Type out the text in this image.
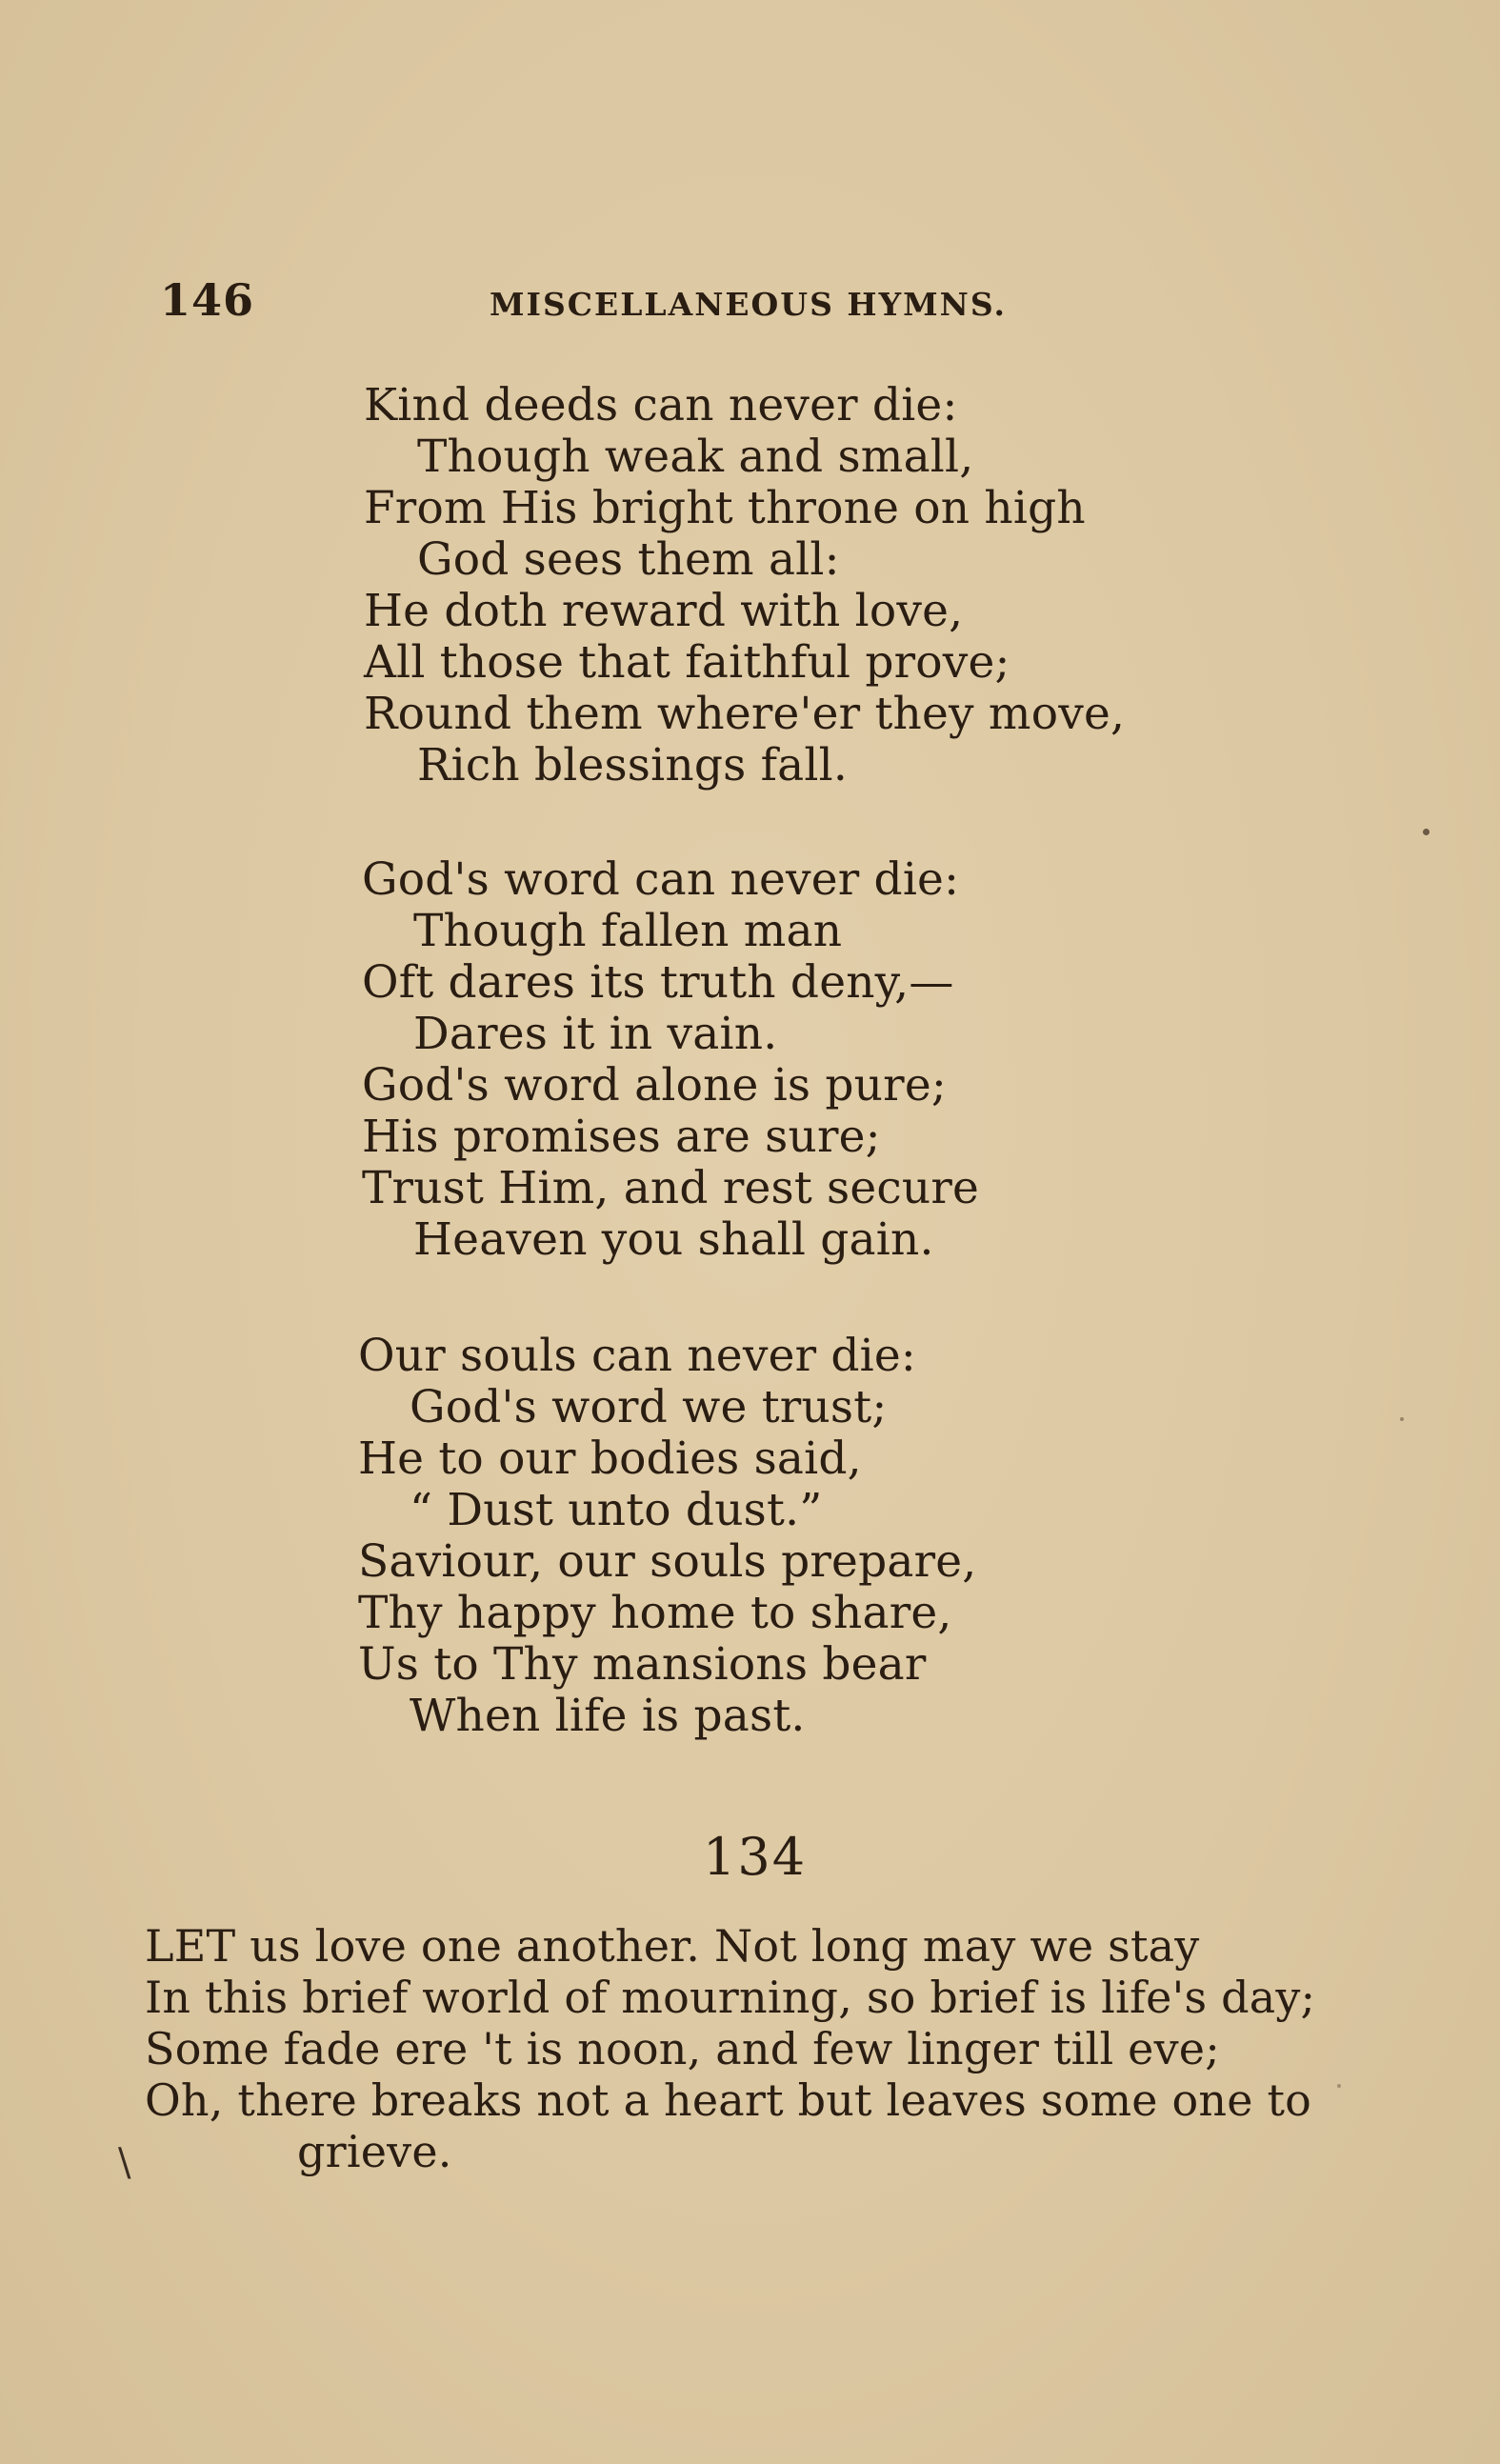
146	MISCELLANEOUS HYMNS.
Kind deeds can never die:
Though weak and small,
From His bright throne on high
God sees them all:
He doth reward with love,
All those that faithful prove;
Round them where'er they move,
Rich blessings fall.
God's word can never die:
Though fallen man
Oft dares its truth deny,—
Dares it in vain.
God's word alone is pure;
His promises are sure;
Trust Him, and rest secure
Heaven you shall gain.
Our souls can never die:
God's word we trust;
He to our bodies said,
“ Dust unto dust.”
Saviour, our souls prepare,
Thy happy home to share,
Us to Thy mansions bear
When life is past.
134
LET us love one another. Not long may we stay
In this brief world of mourning, so brief is life's day;
Some fade ere 't is noon, and few linger till eve;
Oh, there breaks not a heart but leaves some one to
grieve.
\
